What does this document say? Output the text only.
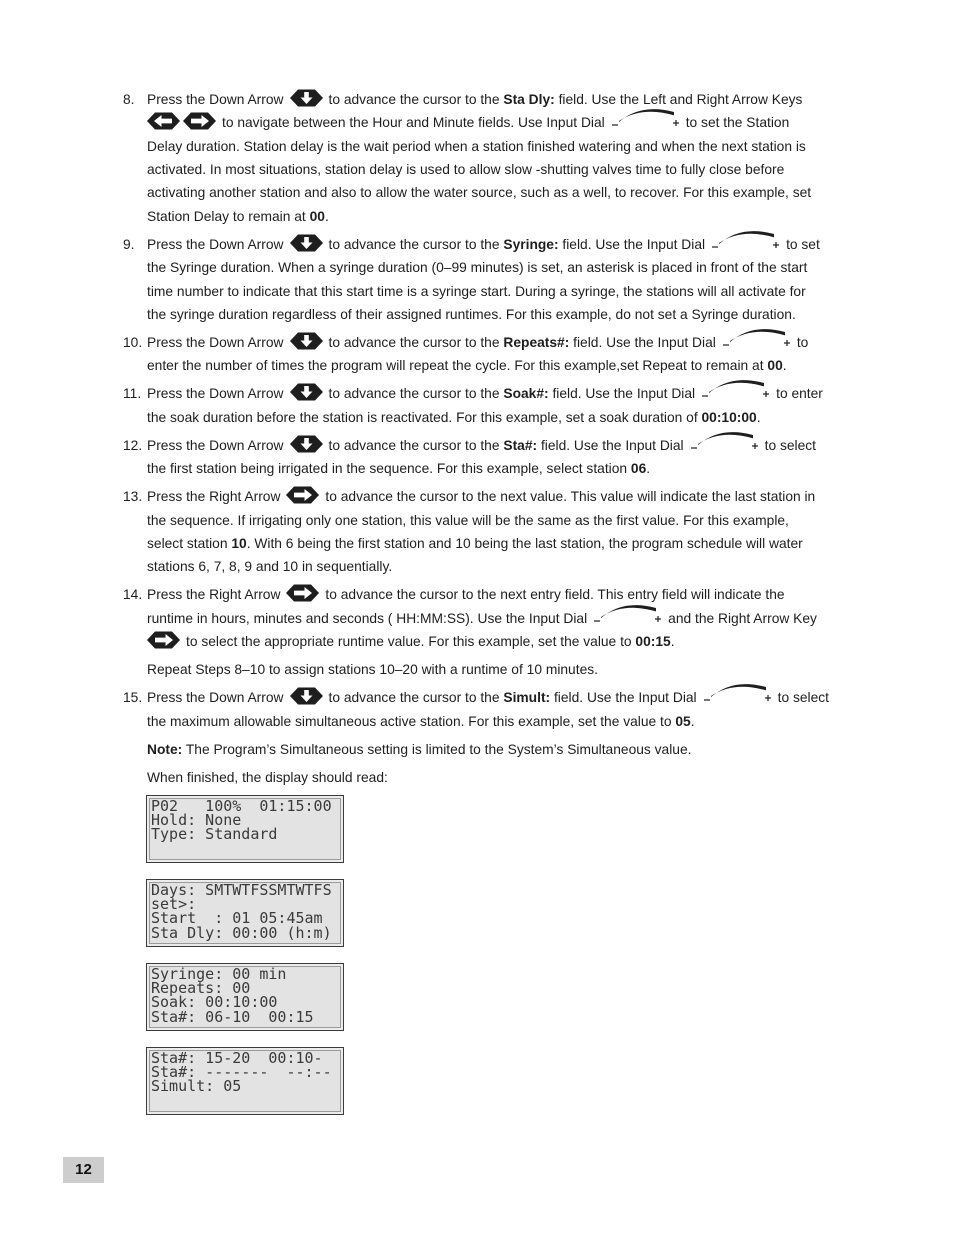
8. Press the Down Arrow	to advance the cursor to the Sta Dly: field. Use the Left and Right Arrow Keys
to navigate between the Hour and Minute fields. Use Input Dial	to set the Station
Delay duration. Station delay is the wait period when a station finished watering and when the next station is
activated. In most situations, station delay is used to allow slow -shutting valves time to fully close before
activating another station and also to allow the water source, such as a well, to recover. For this example, set
Station Delay to remain at 00.
9. Press the Down Arrow	to advance the cursor to the Syringe: field. Use the Input Dial	to set
the Syringe duration. When a syringe duration (0–99 minutes) is set, an asterisk is placed in front of the start
time number to indicate that this start time is a syringe start. During a syringe, the stations will all activate for
the syringe duration regardless of their assigned runtimes. For this example, do not set a Syringe duration.
10. Press the Down Arrow	to advance the cursor to the Repeats#: field. Use the Input Dial	to
enter the number of times the program will repeat the cycle. For this example,set Repeat to remain at 00.
11. Press the Down Arrow	to advance the cursor to the Soak#: field. Use the Input Dial	to enter
the soak duration before the station is reactivated. For this example, set a soak duration of 00:10:00.
12. Press the Down Arrow	to advance the cursor to the Sta#: field. Use the Input Dial	to select
the first station being irrigated in the sequence. For this example, select station 06.
13. Press the Right Arrow	to advance the cursor to the next value. This value will indicate the last station in
the sequence. If irrigating only one station, this value will be the same as the first value. For this example,
select station 10. With 6 being the first station and 10 being the last station, the program schedule will water
stations 6, 7, 8, 9 and 10 in sequentially.
14. Press the Right Arrow	to advance the cursor to the next entry field. This entry field will indicate the
runtime in hours, minutes and seconds ( HH:MM:SS). Use the Input Dial	and the Right Arrow Key
to select the appropriate runtime value. For this example, set the value to 00:15.
Repeat Steps 8–10 to assign stations 10–20 with a runtime of 10 minutes.
15. Press the Down Arrow	to advance the cursor to the Simult: field. Use the Input Dial	to select
the maximum allowable simultaneous active station. For this example, set the value to 05.
Note: The Program’s Simultaneous setting is limited to the System’s Simultaneous value.
When finished, the display should read:
P02   100%  01:15:00
Hold: None
Type: Standard
Days: SMTWTFSSMTWTFS
set>:
Start  : 01 05:45am
Sta Dly: 00:00 (h:m)
Syringe: 00 min
Repeats: 00
Soak: 00:10:00
Sta#: 06-10  00:15
Sta#: 15-20  00:10-
Sta#: -------  --:--
Simult: 05
12
